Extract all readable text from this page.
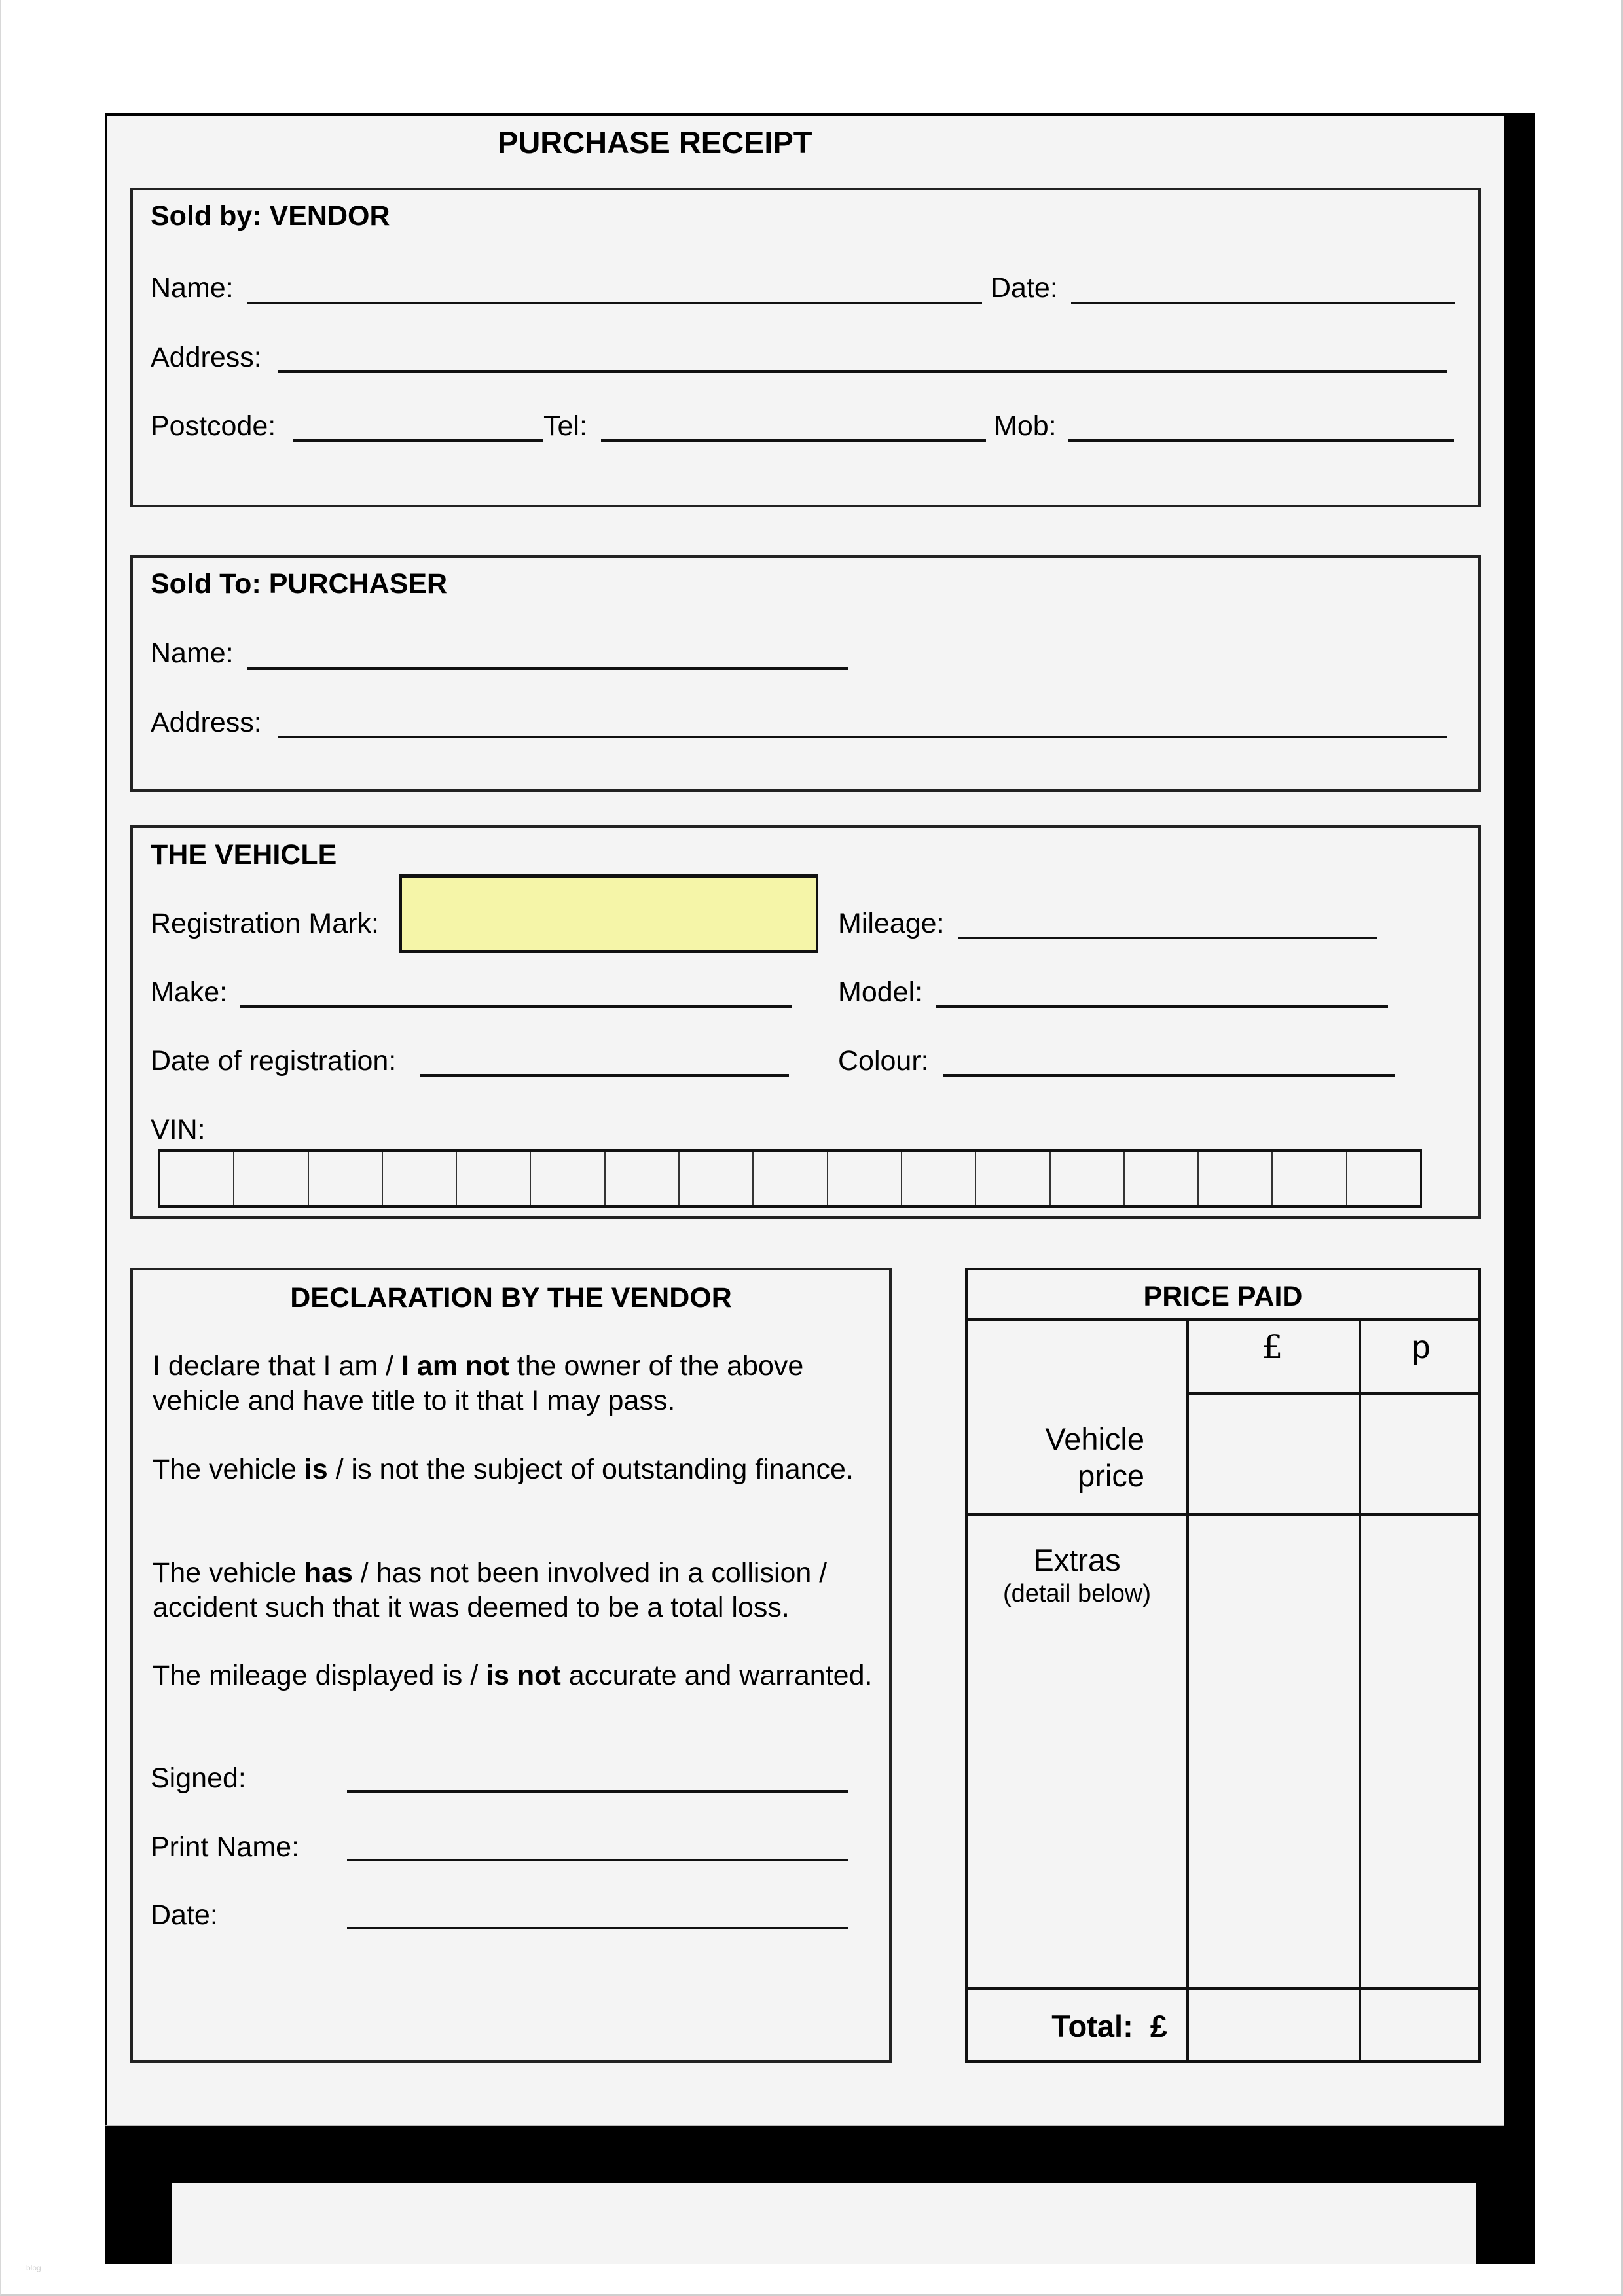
PURCHASE RECEIPT
Sold by: VENDOR
Name:	Date:
Address:
Postcode:	Tel:	Mob:
Sold To: PURCHASER
Name:
Address:
THE VEHICLE
Registration Mark:	Mileage:
Make:	Model:
Date of registration:	Colour:
VIN:
DECLARATION BY THE VENDOR
I declare that I am / I am not the owner of the above vehicle and have title to it that I may pass.
The vehicle is / is not the subject of outstanding finance.
The vehicle has / has not been involved in a collision / accident such that it was deemed to be a total loss.
The mileage displayed is / is not accurate and warranted.
Signed:
Print Name:
Date:
PRICE PAID
£	p
Vehicle
price
Extras
(detail below)
Total:  £
blog
